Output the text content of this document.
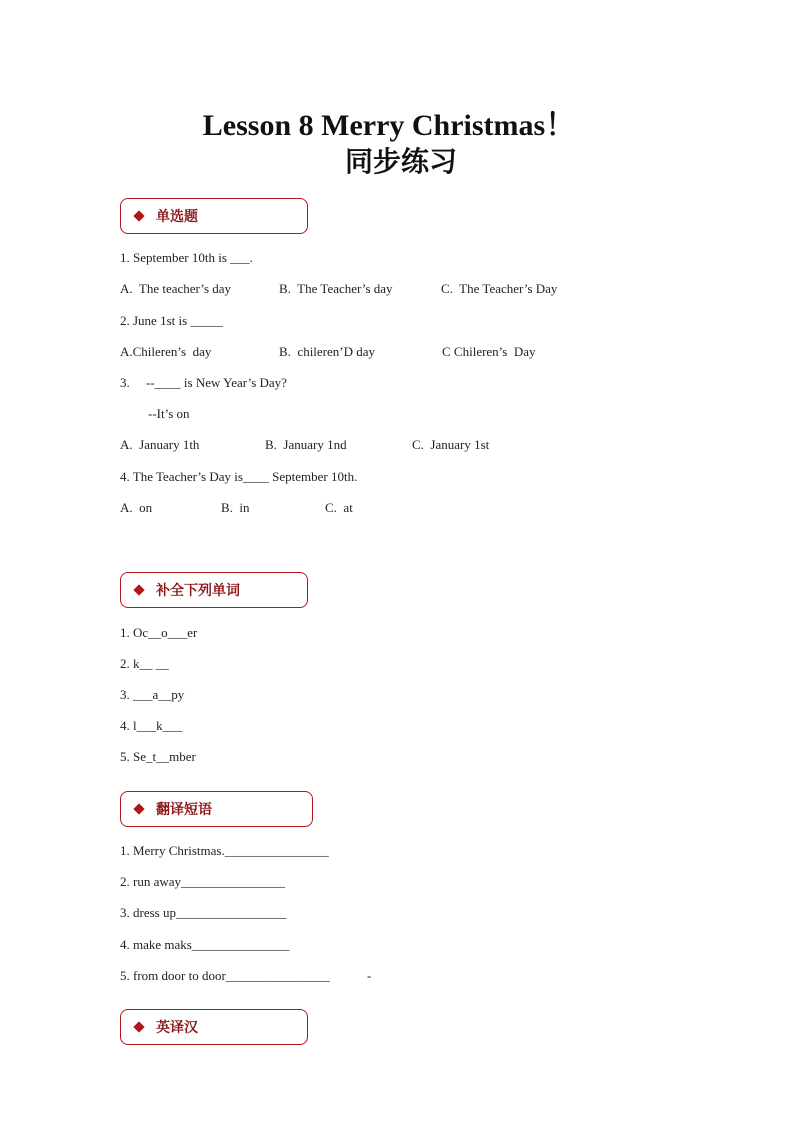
Lesson 8 Merry Christmas！
同步练习
单选题
1. September 10th is ___.
A.  The teacher’s day	B.  The Teacher’s day	C.  The Teacher’s Day
2. June 1st is _____
A.Chileren’s  day	B.  chileren’D day	C Chileren’s  Day
3.     --____ is New Year’s Day?
--It’s on
A.  January 1th	B.  January 1nd	C.  January 1st
4. The Teacher’s Day is____ September 10th.
A.  on	B.  in	C.  at
补全下列单词
1. Oc__o___er
2. k__ __
3. ___a__py
4. l___k___
5. Se_t__mber
翻译短语
1. Merry Christmas.________________
2. run away________________
3. dress up_________________
4. make maks_______________
5. from door to door________________	-
英译汉
